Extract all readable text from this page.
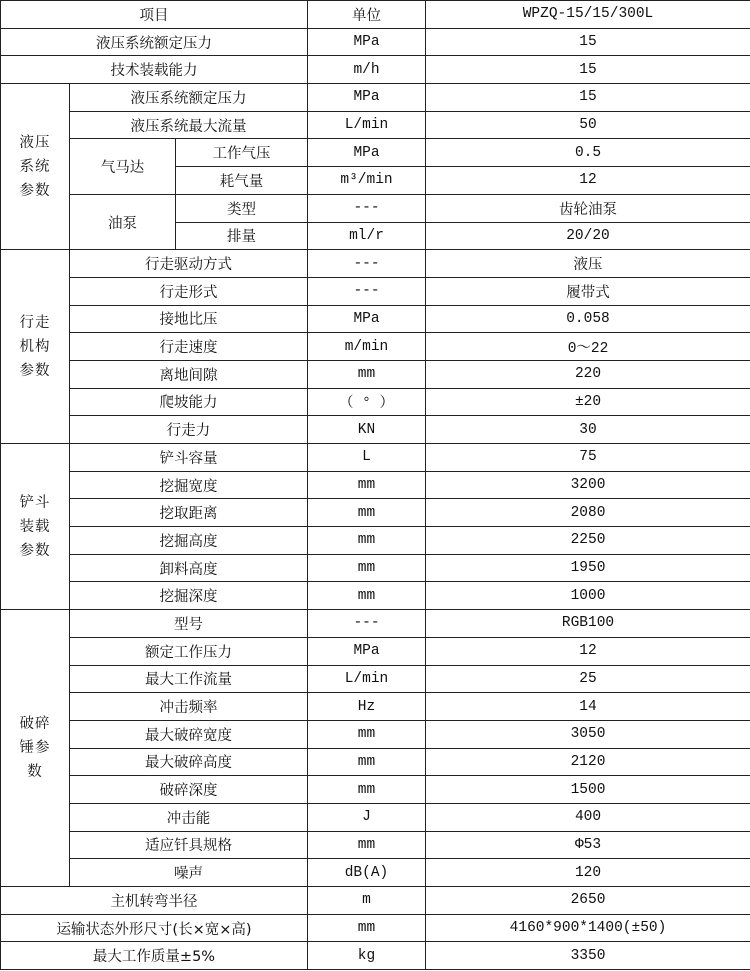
项目			单位	WPZQ-15/15/300L
液压系统额定压力			MPa	15
技术装载能力			m/h	15
液压系统参数	液压系统额定压力		MPa	15
	液压系统最大流量		L/min	50
	气马达	工作气压	MPa	0.5
		耗气量	m³/min	12
	油泵	类型	---	齿轮油泵
		排量	ml/r	20/20
行走机构参数	行走驱动方式		---	液压
	行走形式		---	履带式
	接地比压		MPa	0.058
	行走速度		m/min	0～22
	离地间隙		mm	220
	爬坡能力		（ ° ）	±20
	行走力		KN	30
铲斗装载参数	铲斗容量		L	75
	挖掘宽度		mm	3200
	挖取距离		mm	2080
	挖掘高度		mm	2250
	卸料高度		mm	1950
	挖掘深度		mm	1000
破碎锤参数	型号		---	RGB100
	额定工作压力		MPa	12
	最大工作流量		L/min	25
	冲击频率		Hz	14
	最大破碎宽度		mm	3050
	最大破碎高度		mm	2120
	破碎深度		mm	1500
	冲击能		J	400
	适应钎具规格		mm	Φ53
	噪声		dB(A)	120
主机转弯半径			m	2650
运输状态外形尺寸(长×宽×高)			mm	4160*900*1400(±50)
最大工作质量±5%			kg	3350
